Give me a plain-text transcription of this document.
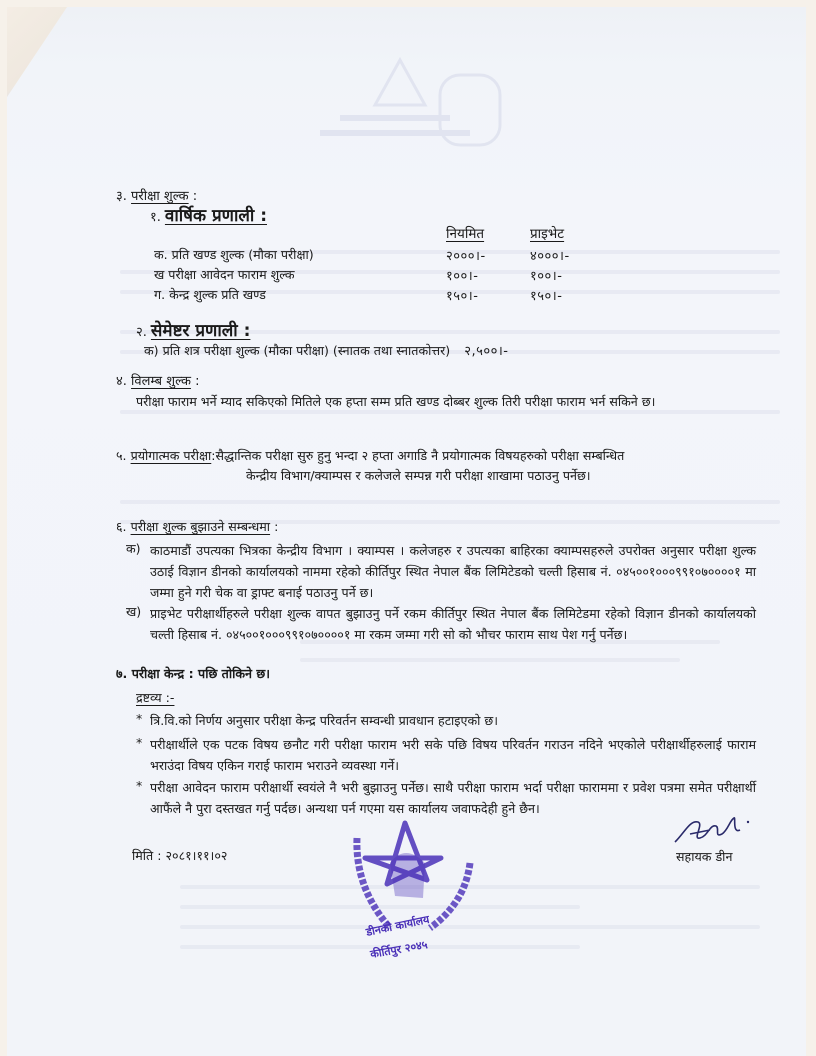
३. परीक्षा शुल्क :
१. वार्षिक प्रणाली :
नियमित	प्राइभेट
क. प्रति खण्ड शुल्क (मौका परीक्षा)	२०००।-	४०००।-
ख परीक्षा आवेदन फाराम शुल्क	१००।-	१००।-
ग. केन्द्र शुल्क प्रति खण्ड	१५०।-	१५०।-
२. सेमेष्टर प्रणाली :
क) प्रति शत्र परीक्षा शुल्क (मौका परीक्षा) (स्नातक तथा स्नातकोत्तर) २,५००।-
४. विलम्ब शुल्क :
परीक्षा फाराम भर्ने म्याद सकिएको मितिले एक हप्ता सम्म प्रति खण्ड दोब्बर शुल्क तिरी परीक्षा फाराम भर्न सकिने छ।
५. प्रयोगात्मक परीक्षा:सैद्धान्तिक परीक्षा सुरु हुनु भन्दा २ हप्ता अगाडि नै प्रयोगात्मक विषयहरुको परीक्षा सम्बन्धित
केन्द्रीय विभाग/क्याम्पस र कलेजले सम्पन्न गरी परीक्षा शाखामा पठाउनु पर्नेछ।
६. परीक्षा शुल्क बुझाउने सम्बन्धमा :
क) काठमाडौं उपत्यका भित्रका केन्द्रीय विभाग । क्याम्पस । कलेजहरु र उपत्यका बाहिरका क्याम्पसहरुले उपरोक्त अनुसार परीक्षा शुल्क उठाई विज्ञान डीनको कार्यालयको नाममा रहेको कीर्तिपुर स्थित नेपाल बैंक लिमिटेडको चल्ती हिसाब नं. ०४५००१०००९९१०७००००१ मा जम्मा हुने गरी चेक वा ड्राफ्ट बनाई पठाउनु पर्ने छ।
ख) प्राइभेट परीक्षार्थीहरुले परीक्षा शुल्क वापत बुझाउनु पर्ने रकम कीर्तिपुर स्थित नेपाल बैंक लिमिटेडमा रहेको विज्ञान डीनको कार्यालयको चल्ती हिसाब नं. ०४५००१०००९९१०७००००१ मा रकम जम्मा गरी सो को भौचर फाराम साथ पेश गर्नु पर्नेछ।
७. परीक्षा केन्द्र : पछि तोकिने छ।
द्रष्टव्य :-
* त्रि.वि.को निर्णय अनुसार परीक्षा केन्द्र परिवर्तन सम्वन्धी प्रावधान हटाइएको छ।
* परीक्षार्थीले एक पटक विषय छनौट गरी परीक्षा फाराम भरी सके पछि विषय परिवर्तन गराउन नदिने भएकोले परीक्षार्थीहरुलाई फाराम भराउंदा विषय एकिन गराई फाराम भराउने व्यवस्था गर्ने।
* परीक्षा आवेदन फाराम परीक्षार्थी स्वयंले नै भरी बुझाउनु पर्नेछ। साथै परीक्षा फाराम भर्दा परीक्षा फाराममा र प्रवेश पत्रमा समेत परीक्षार्थी आफैंले नै पुरा दस्तखत गर्नु पर्दछ। अन्यथा पर्न गएमा यस कार्यालय जवाफदेही हुने छैन।
मिति : २०८१।११।०२
डीनको कार्यालय
कीर्तिपुर २०४५
सहायक डीन
